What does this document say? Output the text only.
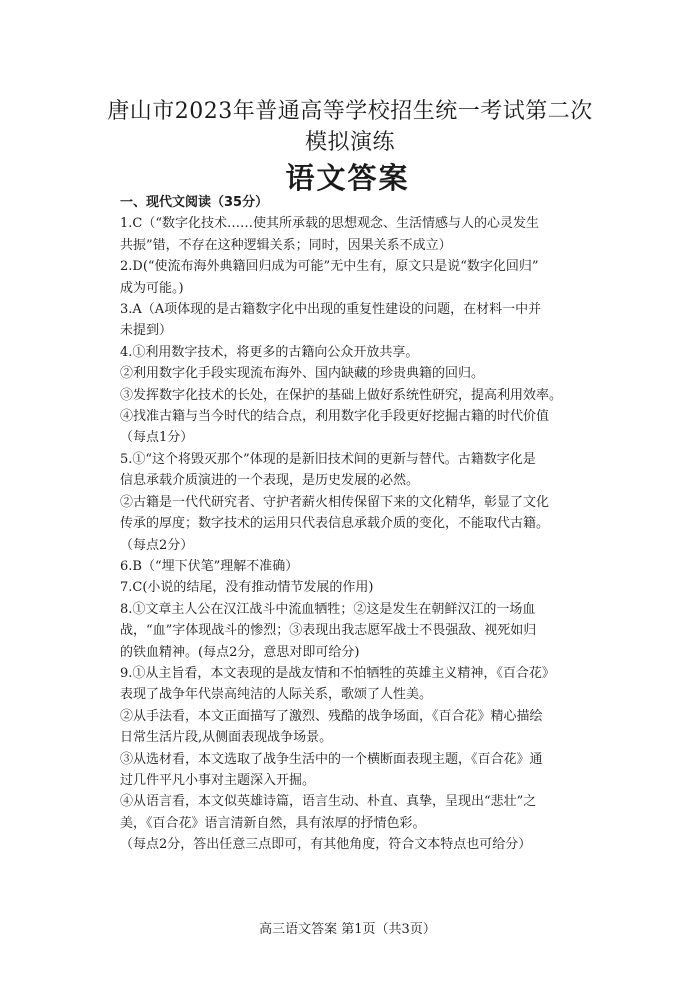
唐山市2023年普通高等学校招生统一考试第二次模拟演练
语文答案
一、现代文阅读（35分）
1.C（“数字化技术……使其所承载的思想观念、生活情感与人的心灵发生
共振”错，不存在这种逻辑关系；同时，因果关系不成立）
2.D(“使流布海外典籍回归成为可能”无中生有，原文只是说“数字化回归”
成为可能。)
3.A（A项体现的是古籍数字化中出现的重复性建设的问题，在材料一中并
未提到）
4.①利用数字技术，将更多的古籍向公众开放共享。
②利用数字化手段实现流布海外、国内缺藏的珍贵典籍的回归。
③发挥数字化技术的长处，在保护的基础上做好系统性研究，提高利用效率。
④找准古籍与当今时代的结合点，利用数字化手段更好挖掘古籍的时代价值
（每点1分）
5.①“这个将毁灭那个”体现的是新旧技术间的更新与替代。古籍数字化是
信息承载介质演进的一个表现，是历史发展的必然。
②古籍是一代代研究者、守护者薪火相传保留下来的文化精华，彰显了文化
传承的厚度；数字技术的运用只代表信息承载介质的变化，不能取代古籍。
（每点2分）
6.B（“埋下伏笔”理解不准确）
7.C(小说的结尾，没有推动情节发展的作用)
8.①文章主人公在汉江战斗中流血牺牲；②这是发生在朝鲜汉江的一场血
战，“血”字体现战斗的惨烈；③表现出我志愿军战士不畏强敌、视死如归
的铁血精神。(每点2分，意思对即可给分)
9.①从主旨看，本文表现的是战友情和不怕牺牲的英雄主义精神，《百合花》
表现了战争年代崇高纯洁的人际关系，歌颂了人性美。
②从手法看，本文正面描写了激烈、残酷的战争场面，《百合花》精心描绘
日常生活片段,从侧面表现战争场景。
③从选材看，本文选取了战争生活中的一个横断面表现主题，《百合花》通
过几件平凡小事对主题深入开掘。
④从语言看，本文似英雄诗篇，语言生动、朴直、真挚，呈现出“悲壮”之
美，《百合花》语言清新自然，具有浓厚的抒情色彩。
（每点2分，答出任意三点即可，有其他角度，符合文本特点也可给分）
高三语文答案 第1页（共3页）
